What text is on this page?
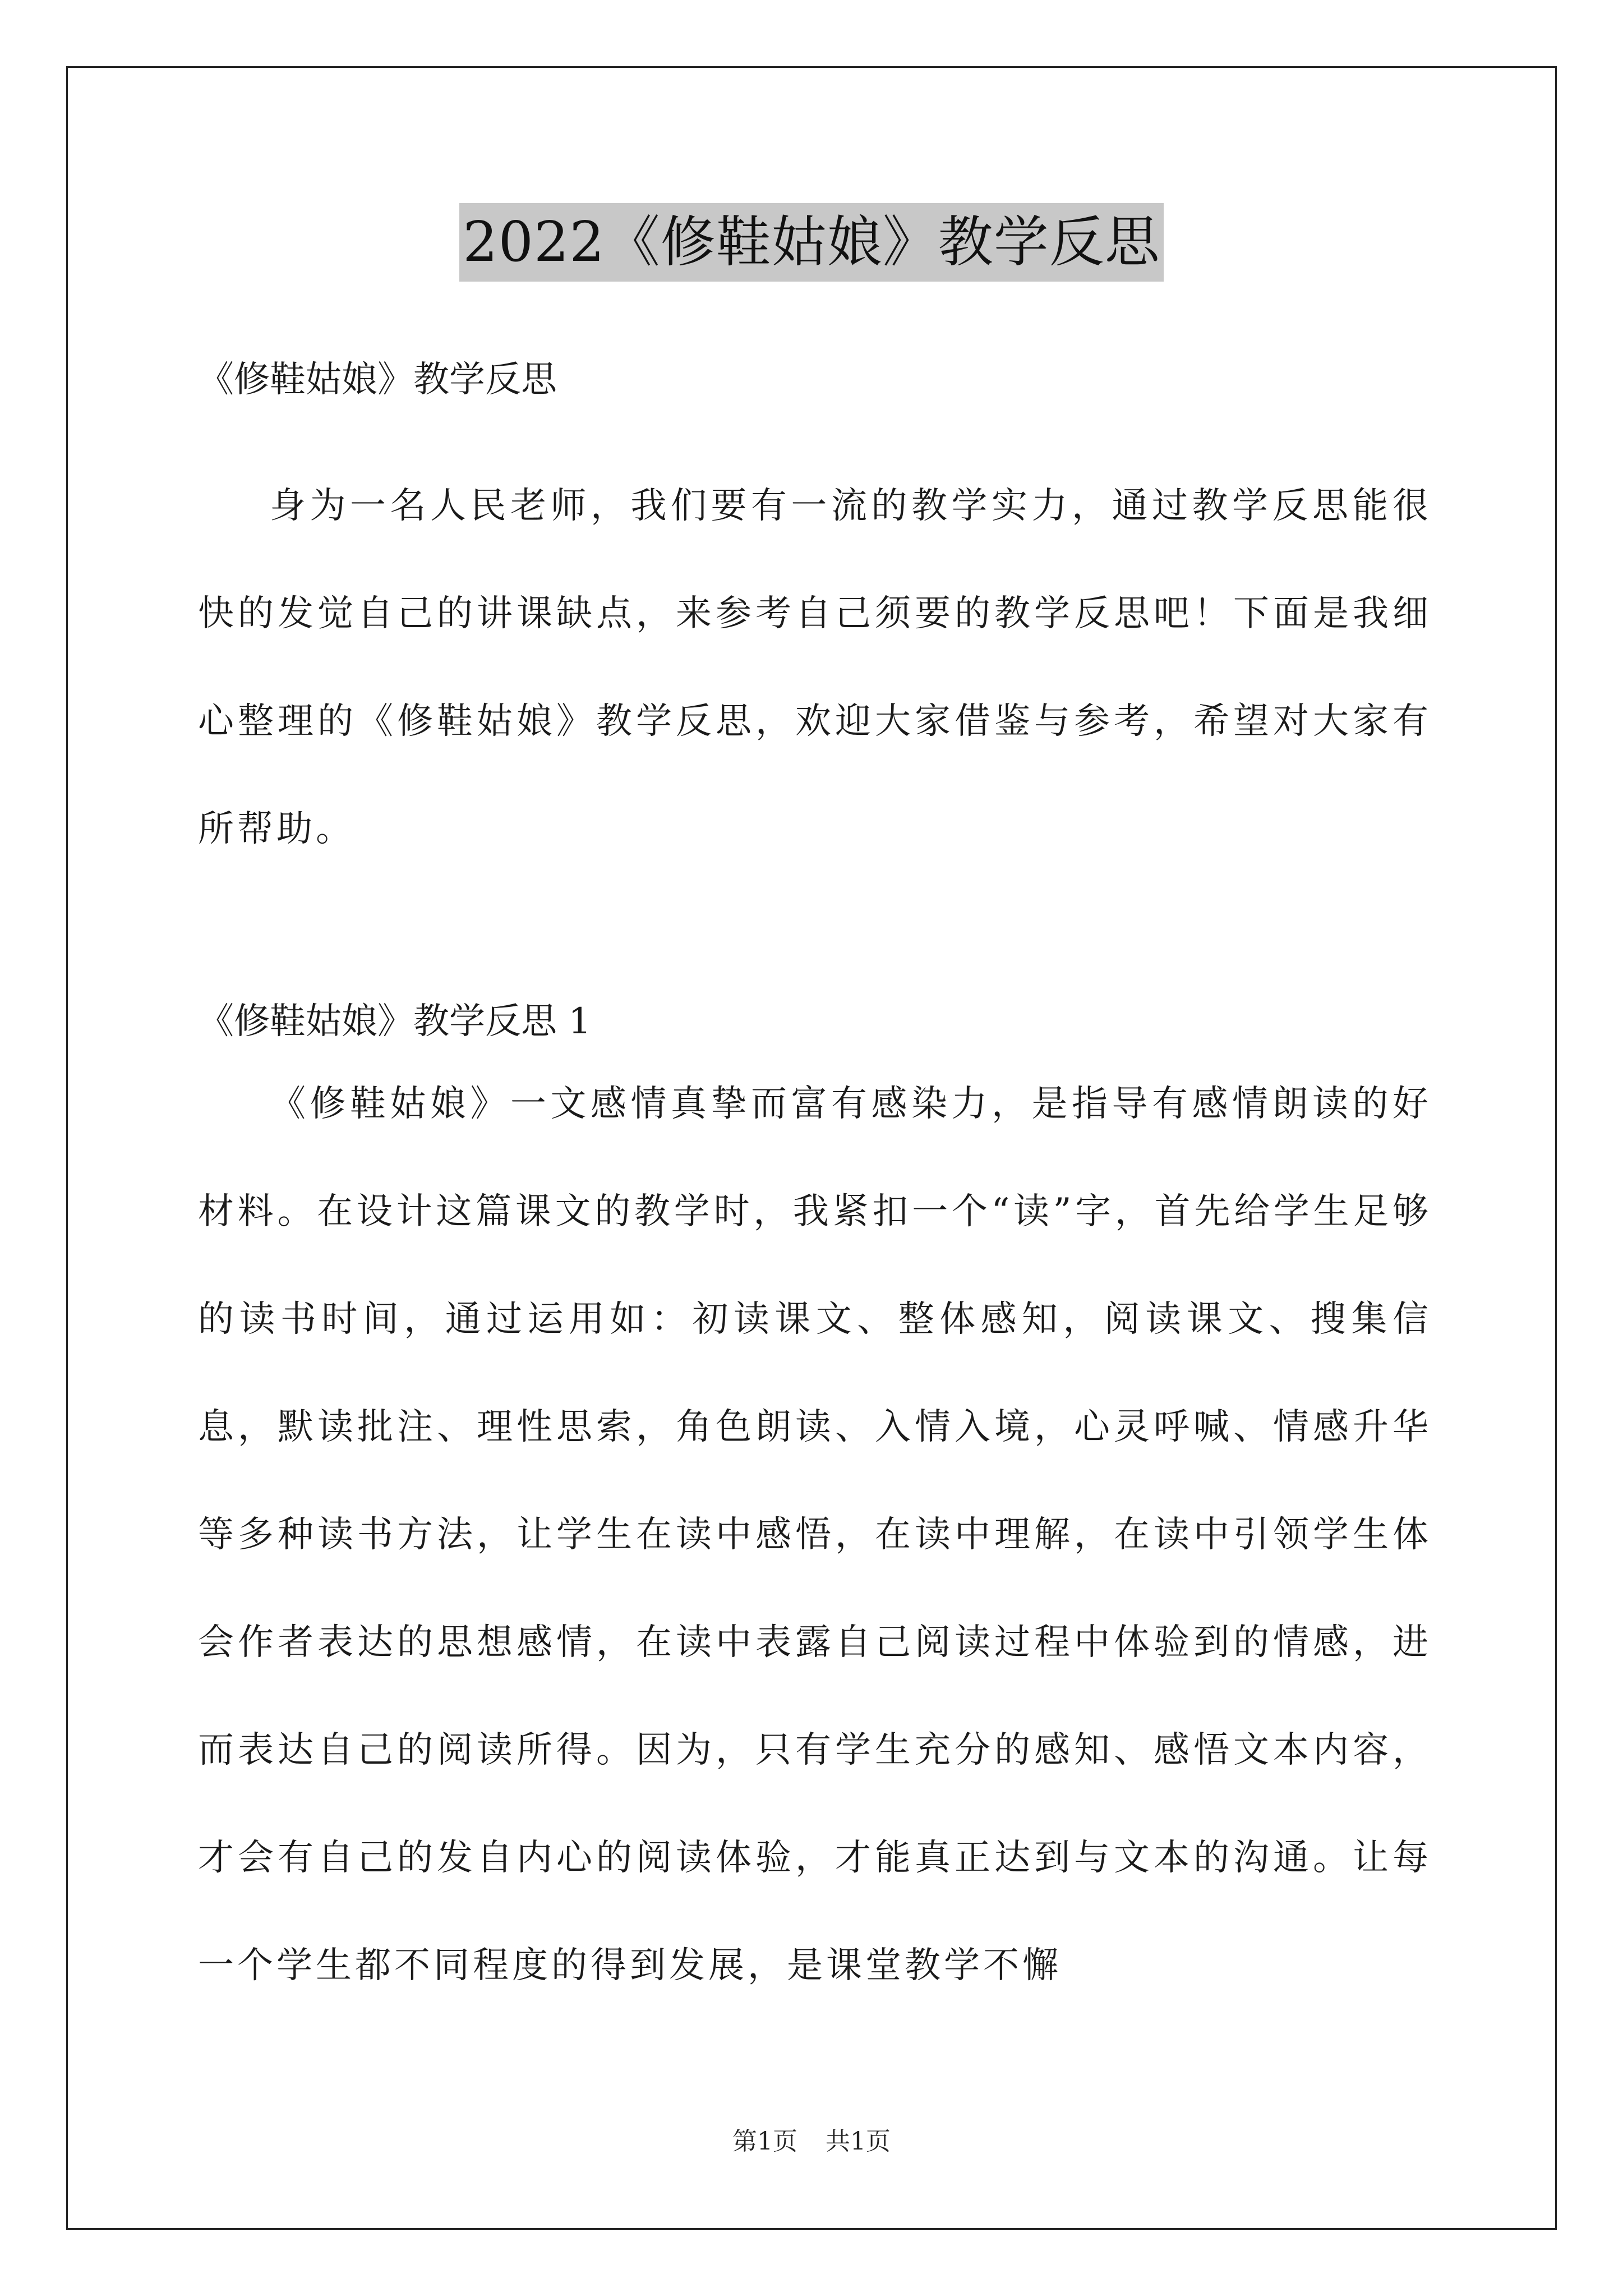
2022《修鞋姑娘》教学反思
《修鞋姑娘》教学反思
身为一名人民老师，我们要有一流的教学实力，通过教学反思能很快的发觉自己的讲课缺点，来参考自己须要的教学反思吧！下面是我细心整理的《修鞋姑娘》教学反思，欢迎大家借鉴与参考，希望对大家有所帮助。
《修鞋姑娘》教学反思 1
《修鞋姑娘》一文感情真挚而富有感染力，是指导有感情朗读的好材料。在设计这篇课文的教学时，我紧扣一个“读”字，首先给学生足够的读书时间，通过运用如：初读课文、整体感知，阅读课文、搜集信息，默读批注、理性思索，角色朗读、入情入境，心灵呼喊、情感升华等多种读书方法，让学生在读中感悟，在读中理解，在读中引领学生体会作者表达的思想感情，在读中表露自己阅读过程中体验到的情感，进而表达自己的阅读所得。因为，只有学生充分的感知、感悟文本内容，才会有自己的发自内心的阅读体验，才能真正达到与文本的沟通。让每一个学生都不同程度的得到发展，是课堂教学不懈
第1页 共1页
